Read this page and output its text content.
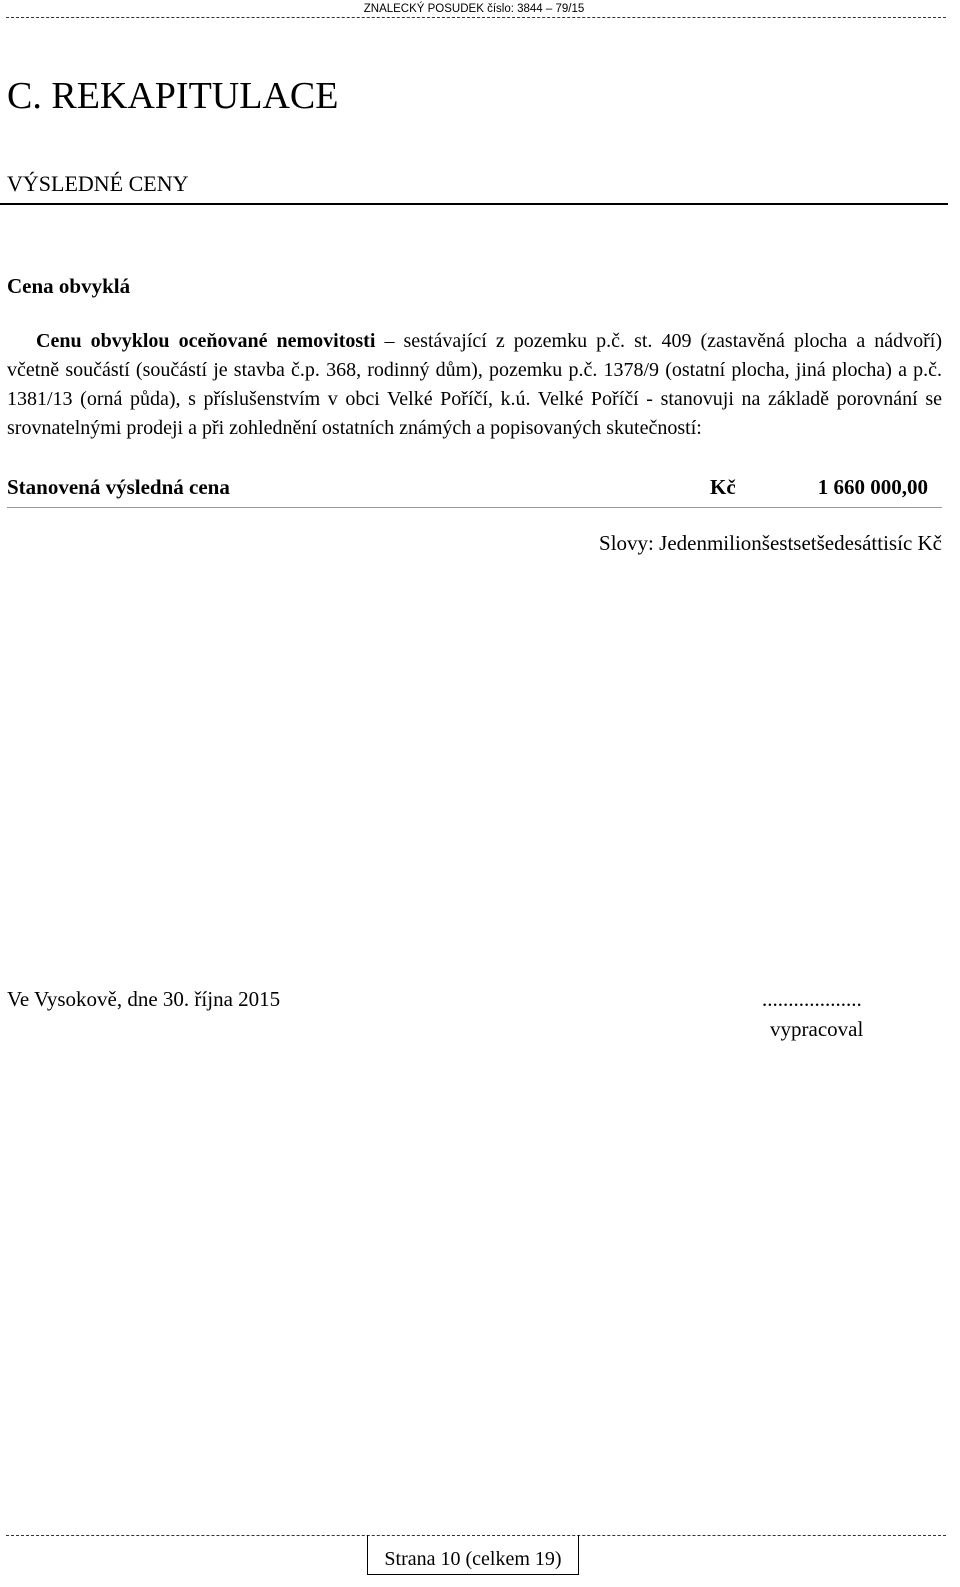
ZNALECKÝ POSUDEK číslo: 3844 – 79/15
C. REKAPITULACE
VÝSLEDNÉ CENY
Cena obvyklá

Cenu obvyklou oceňované nemovitosti – sestávající z pozemku p.č. st. 409 (zastavěná plocha a nádvoří) včetně součástí (součástí je stavba č.p. 368, rodinný dům), pozemku p.č. 1378/9 (ostatní plocha, jiná plocha) a p.č. 1381/13 (orná půda), s příslušenstvím v obci Velké Poříčí, k.ú. Velké Poříčí - stanovuji na základě porovnání se srovnatelnými prodeji a při zohlednění ostatních známých a popisovaných skutečností:

Stanovená výsledná cena	Kč	1 660 000,00
Slovy: Jedenmilionšestsetšedesáttisíc Kč
Ve Vysokově, dne 30. října 2015	...................
vypracoval
Strana 10 (celkem 19)
